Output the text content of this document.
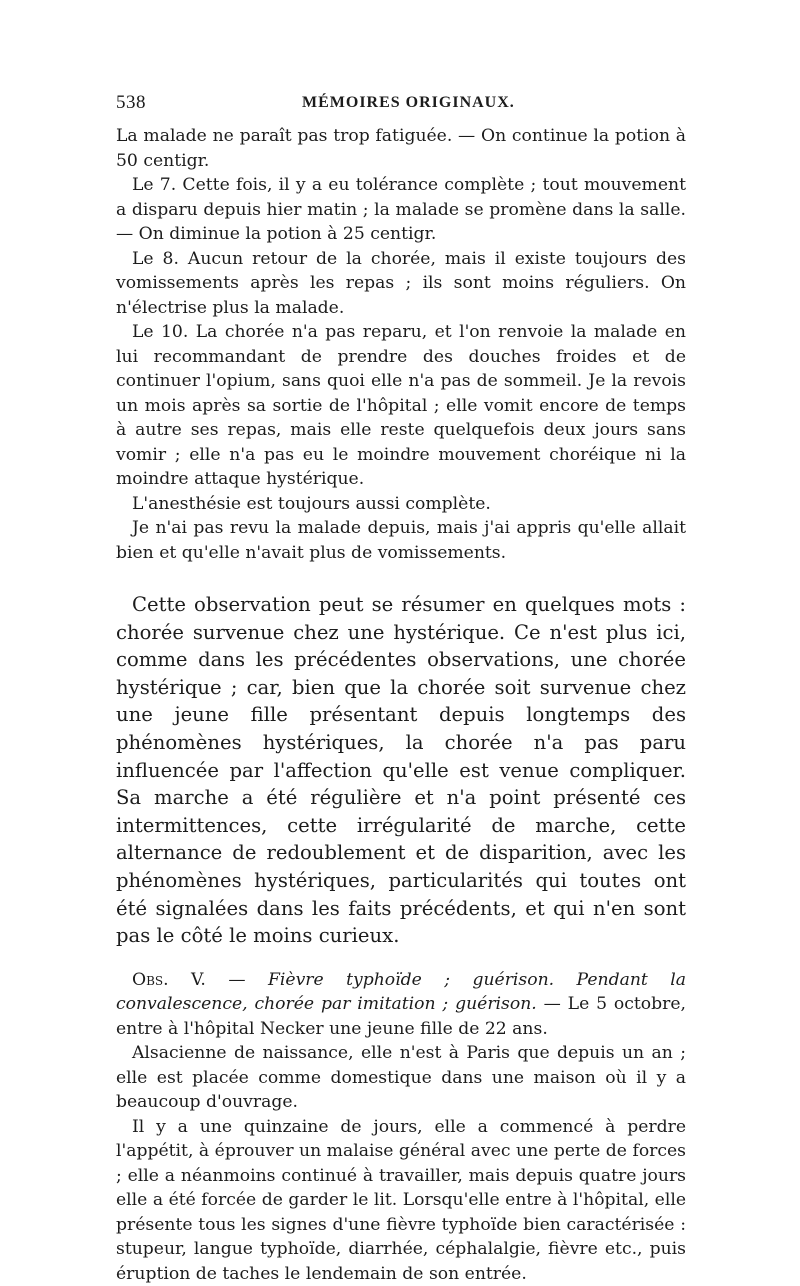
538	MÉMOIRES ORIGINAUX.

La malade ne paraît pas trop fatiguée. — On continue la potion à 50 centigr.

Le 7. Cette fois, il y a eu tolérance complète ; tout mouvement a disparu depuis hier matin ; la malade se promène dans la salle. — On diminue la potion à 25 centigr.

Le 8. Aucun retour de la chorée, mais il existe toujours des vomissements après les repas ; ils sont moins réguliers. On n'électrise plus la malade.

Le 10. La chorée n'a pas reparu, et l'on renvoie la malade en lui recommandant de prendre des douches froides et de continuer l'opium, sans quoi elle n'a pas de sommeil. Je la revois un mois après sa sortie de l'hôpital ; elle vomit encore de temps à autre ses repas, mais elle reste quelquefois deux jours sans vomir ; elle n'a pas eu le moindre mouvement choréique ni la moindre attaque hystérique.

L'anesthésie est toujours aussi complète.

Je n'ai pas revu la malade depuis, mais j'ai appris qu'elle allait bien et qu'elle n'avait plus de vomissements.

Cette observation peut se résumer en quelques mots : chorée survenue chez une hystérique. Ce n'est plus ici, comme dans les précédentes observations, une chorée hystérique ; car, bien que la chorée soit survenue chez une jeune fille présentant depuis longtemps des phénomènes hystériques, la chorée n'a pas paru influencée par l'affection qu'elle est venue compliquer. Sa marche a été régulière et n'a point présenté ces intermittences, cette irrégularité de marche, cette alternance de redoublement et de disparition, avec les phénomènes hystériques, particularités qui toutes ont été signalées dans les faits précédents, et qui n'en sont pas le côté le moins curieux.

Obs. V. — Fièvre typhoïde ; guérison. Pendant la convalescence, chorée par imitation ; guérison. — Le 5 octobre, entre à l'hôpital Necker une jeune fille de 22 ans.

Alsacienne de naissance, elle n'est à Paris que depuis un an ; elle est placée comme domestique dans une maison où il y a beaucoup d'ouvrage.

Il y a une quinzaine de jours, elle a commencé à perdre l'appétit, à éprouver un malaise général avec une perte de forces ; elle a néanmoins continué à travailler, mais depuis quatre jours elle a été forcée de garder le lit. Lorsqu'elle entre à l'hôpital, elle présente tous les signes d'une fièvre typhoïde bien caractérisée : stupeur, langue typhoïde, diarrhée, céphalalgie, fièvre etc., puis éruption de taches le lendemain de son entrée.
